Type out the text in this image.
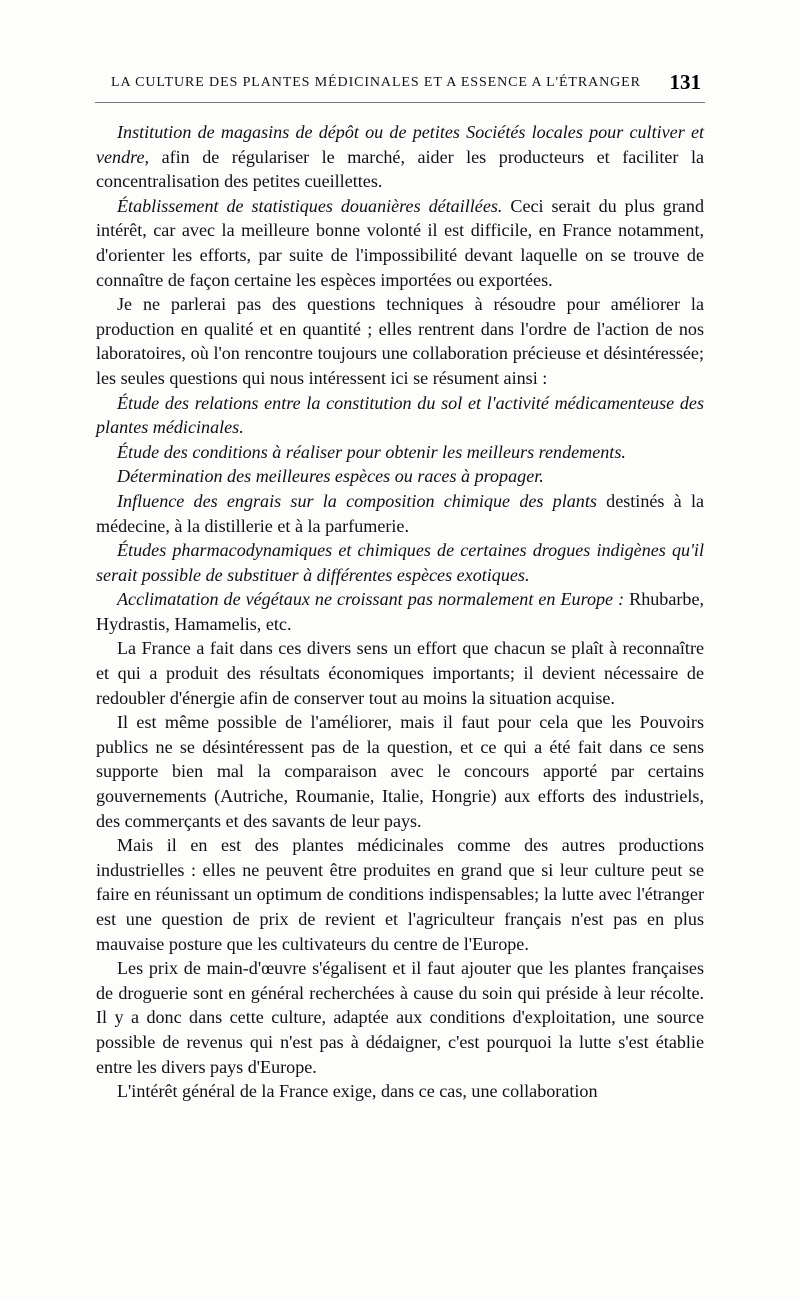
LA CULTURE DES PLANTES MÉDICINALES ET A ESSENCE A L'ÉTRANGER 131

Institution de magasins de dépôt ou de petites Sociétés locales pour cultiver et vendre, afin de régulariser le marché, aider les producteurs et faciliter la concentralisation des petites cueillettes.

Établissement de statistiques douanières détaillées. Ceci serait du plus grand intérêt, car avec la meilleure bonne volonté il est difficile, en France notamment, d'orienter les efforts, par suite de l'impossibilité devant laquelle on se trouve de connaître de façon certaine les espèces importées ou exportées.

Je ne parlerai pas des questions techniques à résoudre pour améliorer la production en qualité et en quantité ; elles rentrent dans l'ordre de l'action de nos laboratoires, où l'on rencontre toujours une collaboration précieuse et désintéressée; les seules questions qui nous intéressent ici se résument ainsi :

Étude des relations entre la constitution du sol et l'activité médicamenteuse des plantes médicinales.

Étude des conditions à réaliser pour obtenir les meilleurs rendements.

Détermination des meilleures espèces ou races à propager.

Influence des engrais sur la composition chimique des plants destinés à la médecine, à la distillerie et à la parfumerie.

Études pharmacodynamiques et chimiques de certaines drogues indigènes qu'il serait possible de substituer à différentes espèces exotiques.

Acclimatation de végétaux ne croissant pas normalement en Europe : Rhubarbe, Hydrastis, Hamamelis, etc.

La France a fait dans ces divers sens un effort que chacun se plaît à reconnaître et qui a produit des résultats économiques importants; il devient nécessaire de redoubler d'énergie afin de conserver tout au moins la situation acquise.

Il est même possible de l'améliorer, mais il faut pour cela que les Pouvoirs publics ne se désintéressent pas de la question, et ce qui a été fait dans ce sens supporte bien mal la comparaison avec le concours apporté par certains gouvernements (Autriche, Roumanie, Italie, Hongrie) aux efforts des industriels, des commerçants et des savants de leur pays.

Mais il en est des plantes médicinales comme des autres productions industrielles : elles ne peuvent être produites en grand que si leur culture peut se faire en réunissant un optimum de conditions indispensables; la lutte avec l'étranger est une question de prix de revient et l'agriculteur français n'est pas en plus mauvaise posture que les cultivateurs du centre de l'Europe.

Les prix de main-d'œuvre s'égalisent et il faut ajouter que les plantes françaises de droguerie sont en général recherchées à cause du soin qui préside à leur récolte. Il y a donc dans cette culture, adaptée aux conditions d'exploitation, une source possible de revenus qui n'est pas à dédaigner, c'est pourquoi la lutte s'est établie entre les divers pays d'Europe.

L'intérêt général de la France exige, dans ce cas, une collaboration
